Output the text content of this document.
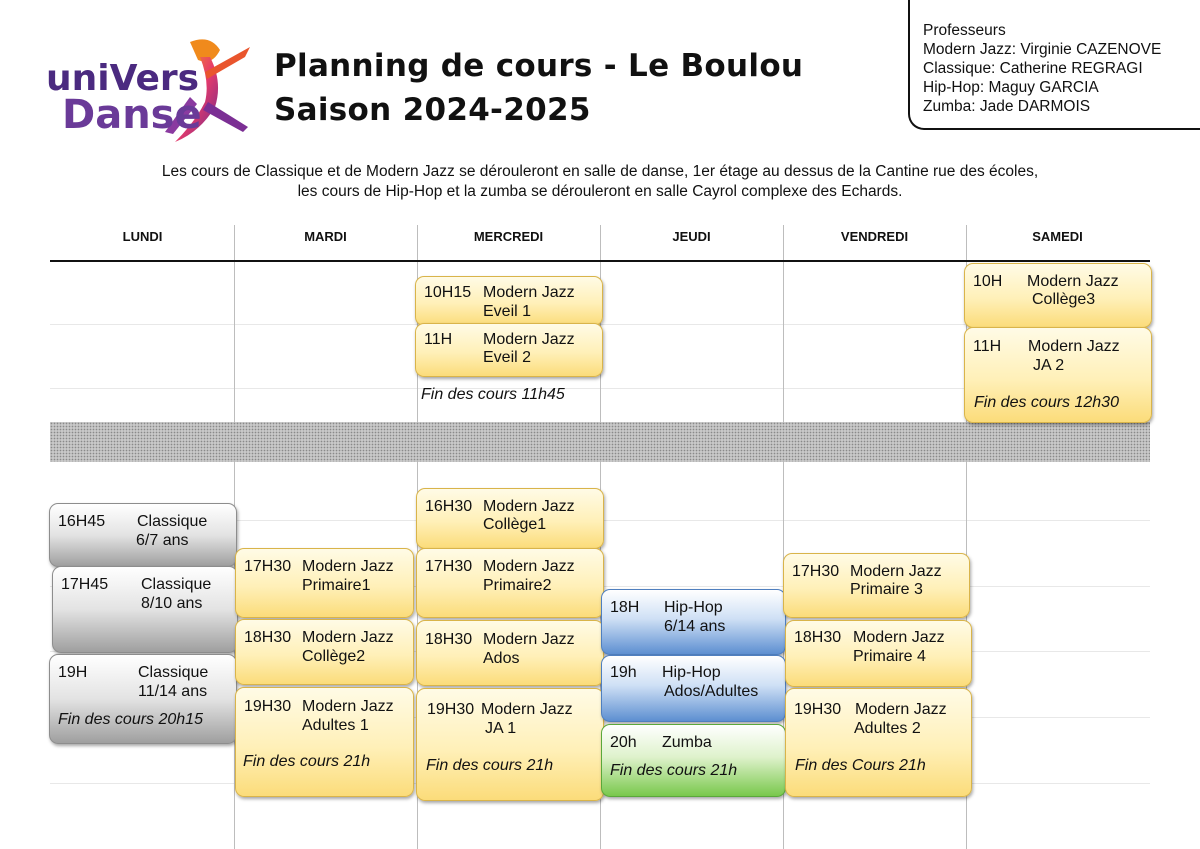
uniVers
Danse
Planning de cours - Le Boulou
Saison 2024-2025
Professeurs
Modern Jazz: Virginie CAZENOVE
Classique: Catherine REGRAGI
Hip-Hop: Maguy GARCIA
Zumba: Jade DARMOIS
Les cours de Classique et de Modern Jazz se dérouleront en salle de danse, 1er étage au dessus de la Cantine rue des écoles,
les cours de Hip-Hop et la zumba se dérouleront en salle Cayrol complexe des Echards.
LUNDI	MARDI	MERCREDI	JEUDI	VENDREDI	SAMEDI
10H15 Modern Jazz
Eveil 1
11H Modern Jazz
Eveil 2
Fin des cours 11h45
10H Modern Jazz
Collège3
11H Modern Jazz
JA 2
Fin des cours 12h30
16H45 Classique
6/7 ans
17H45 Classique
8/10 ans
19H	Classique
11/14 ans
Fin des cours 20h15
17H30 Modern Jazz
Primaire1
18H30 Modern Jazz
Collège2
19H30 Modern Jazz
Adultes 1
Fin des cours 21h
16H30 Modern Jazz
Collège1
17H30 Modern Jazz
Primaire2
18H30 Modern Jazz
Ados
19H30 Modern Jazz
JA 1
Fin des cours 21h
18H Hip-Hop
6/14 ans
19h Hip-Hop
Ados/Adultes
20h Zumba
Fin des cours 21h
17H30 Modern Jazz
Primaire 3
18H30 Modern Jazz
Primaire 4
19H30 Modern Jazz
Adultes 2
Fin des Cours 21h
